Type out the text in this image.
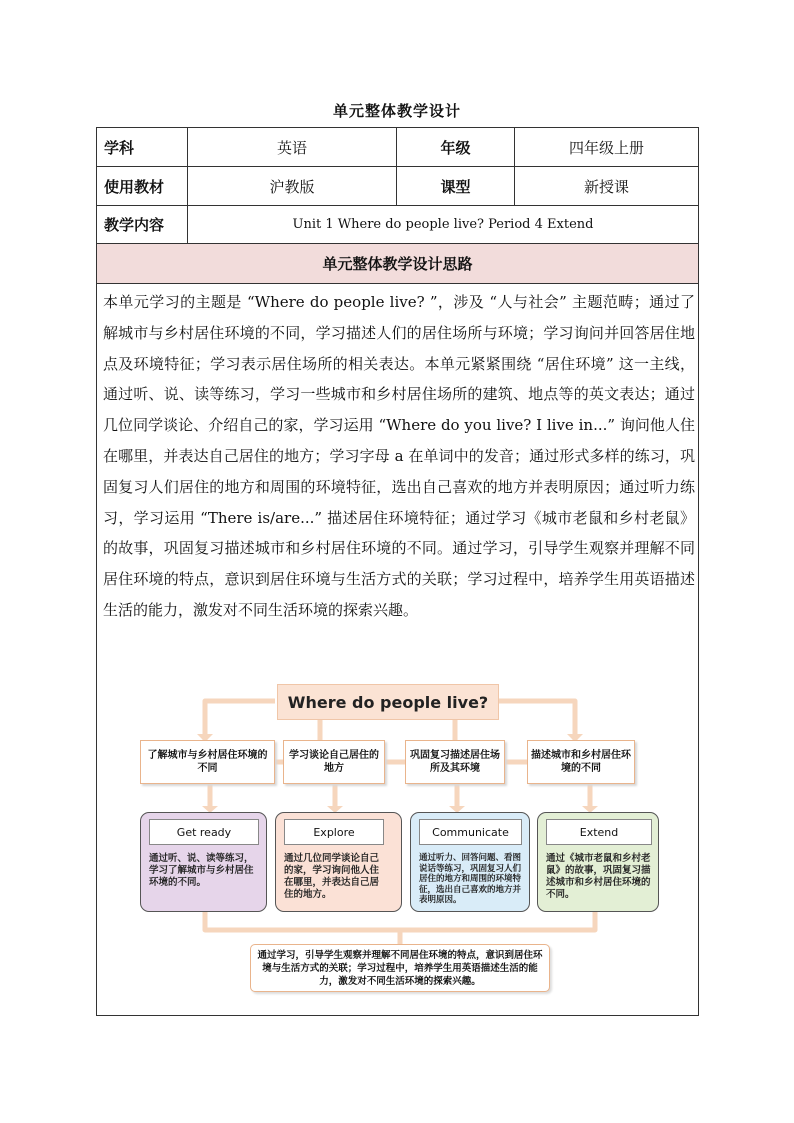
单元整体教学设计
学科	英语	年级	四年级上册
使用教材	沪教版	课型	新授课
教学内容	Unit 1 Where do people live? Period 4 Extend
单元整体教学设计思路

本单元学习的主题是 “Where do people live? ”，涉及 “人与社会” 主题范畴；通过了解城市与乡村居住环境的不同，学习描述人们的居住场所与环境；学习询问并回答居住地点及环境特征；学习表示居住场所的相关表达。本单元紧紧围绕 “居住环境” 这一主线，通过听、说、读等练习，学习一些城市和乡村居住场所的建筑、地点等的英文表达；通过几位同学谈论、介绍自己的家，学习运用 “Where do you live? I live in...” 询问他人住在哪里，并表达自己居住的地方；学习字母 a 在单词中的发音；通过形式多样的练习，巩固复习人们居住的地方和周围的环境特征，选出自己喜欢的地方并表明原因；通过听力练习，学习运用 “There is/are...” 描述居住环境特征；通过学习《城市老鼠和乡村老鼠》的故事，巩固复习描述城市和乡村居住环境的不同。通过学习，引导学生观察并理解不同居住环境的特点，意识到居住环境与生活方式的关联；学习过程中，培养学生用英语描述生活的能力，激发对不同生活环境的探索兴趣。

Where do people live?
了解城市与乡村居住环境的不同
学习谈论自己居住的地方
巩固复习描述居住场所及其环境
描述城市和乡村居住环境的不同
Get ready
通过听、说、读等练习，学习了解城市与乡村居住环境的不同。
Explore
通过几位同学谈论自己的家，学习询问他人住在哪里，并表达自己居住的地方。
Communicate
通过听力、回答问题、看图说话等练习，巩固复习人们居住的地方和周围的环境特征，选出自己喜欢的地方并表明原因。
Extend
通过《城市老鼠和乡村老鼠》的故事，巩固复习描述城市和乡村居住环境的不同。
通过学习，引导学生观察并理解不同居住环境的特点，意识到居住环境与生活方式的关联；学习过程中，培养学生用英语描述生活的能力，激发对不同生活环境的探索兴趣。
